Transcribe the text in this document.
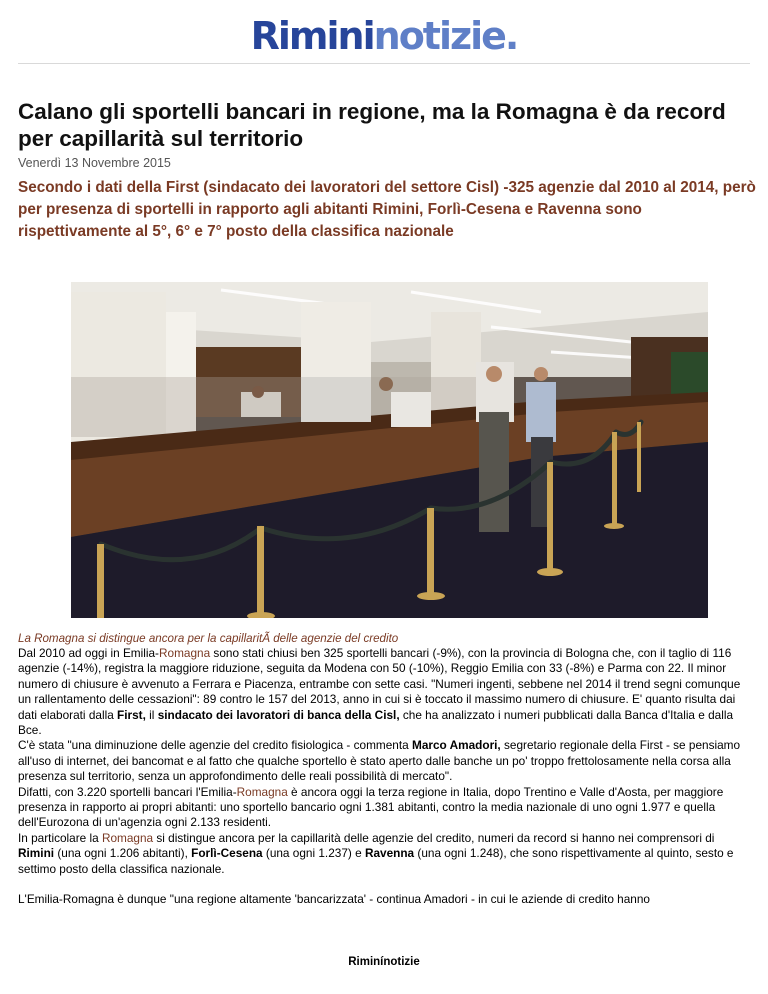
Rimininotizie.
Calano gli sportelli bancari in regione, ma la Romagna è da record per capillarità sul territorio
Venerdì 13 Novembre 2015
Secondo i dati della First (sindacato dei lavoratori del settore Cisl) -325 agenzie dal 2010 al 2014, però per presenza di sportelli in rapporto agli abitanti Rimini, Forlì-Cesena e Ravenna sono rispettivamente al 5°, 6° e 7° posto della classifica nazionale
La Romagna si distingue ancora per la capillaritÃ delle agenzie del credito

Dal 2010 ad oggi in Emilia-Romagna sono stati chiusi ben 325 sportelli bancari (-9%), con la provincia di Bologna che, con il taglio di 116 agenzie (-14%), registra la maggiore riduzione, seguita da Modena con 50 (-10%), Reggio Emilia con 33 (-8%) e Parma con 22. Il minor numero di chiusure è avvenuto a Ferrara e Piacenza, entrambe con sette casi. "Numeri ingenti, sebbene nel 2014 il trend segni comunque un rallentamento delle cessazioni": 89 contro le 157 del 2013, anno in cui si è toccato il massimo numero di chiusure. E' quanto risulta dai dati elaborati dalla First, il sindacato dei lavoratori di banca della Cisl, che ha analizzato i numeri pubblicati dalla Banca d'Italia e dalla Bce.

C'è stata "una diminuzione delle agenzie del credito fisiologica - commenta Marco Amadori, segretario regionale della First - se pensiamo all'uso di internet, dei bancomat e al fatto che qualche sportello è stato aperto dalle banche un po' troppo frettolosamente nella corsa alla presenza sul territorio, senza un approfondimento delle reali possibilità di mercato".

Difatti, con 3.220 sportelli bancari l'Emilia-Romagna è ancora oggi la terza regione in Italia, dopo Trentino e Valle d'Aosta, per maggiore presenza in rapporto ai propri abitanti: uno sportello bancario ogni 1.381 abitanti, contro la media nazionale di uno ogni 1.977 e quella dell'Eurozona di un'agenzia ogni 2.133 residenti.

In particolare la Romagna si distingue ancora per la capillarità delle agenzie del credito, numeri da record si hanno nei comprensori di Rimini (una ogni 1.206 abitanti), Forlì-Cesena (una ogni 1.237) e Ravenna (una ogni 1.248), che sono rispettivamente al quinto, sesto e settimo posto della classifica nazionale.

L'Emilia-Romagna è dunque "una regione altamente 'bancarizzata' - continua Amadori - in cui le aziende di credito hanno

Riminínotizie
